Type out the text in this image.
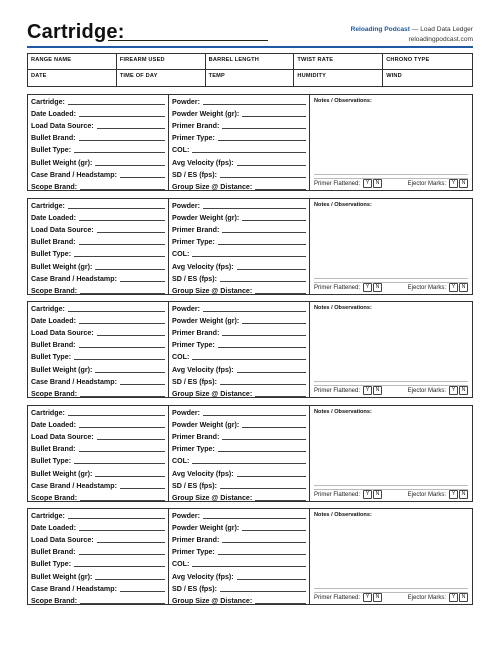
Cartridge:	Reloading Podcast — Load Data Ledger
reloadingpodcast.com
RANGE NAME	FIREARM USED	BARREL LENGTH	TWIST RATE	CHRONO TYPE
DATE	TIME OF DAY	TEMP	HUMIDITY	WIND
Cartridge:
Date Loaded:
Load Data Source:
Bullet Brand:
Bullet Type:
Bullet Weight (gr):
Case Brand / Headstamp:
Scope Brand:
Powder:
Powder Weight (gr):
Primer Brand:
Primer Type:
COL:
Avg Velocity (fps):
SD / ES (fps):
Group Size @ Distance:
Notes / Observations:
Primer Flattened:	Y	N	Ejector Marks:	Y	N
Cartridge:
Date Loaded:
Load Data Source:
Bullet Brand:
Bullet Type:
Bullet Weight (gr):
Case Brand / Headstamp:
Scope Brand:
Powder:
Powder Weight (gr):
Primer Brand:
Primer Type:
COL:
Avg Velocity (fps):
SD / ES (fps):
Group Size @ Distance:
Notes / Observations:
Primer Flattened:	Y	N	Ejector Marks:	Y	N
Cartridge:
Date Loaded:
Load Data Source:
Bullet Brand:
Bullet Type:
Bullet Weight (gr):
Case Brand / Headstamp:
Scope Brand:
Powder:
Powder Weight (gr):
Primer Brand:
Primer Type:
COL:
Avg Velocity (fps):
SD / ES (fps):
Group Size @ Distance:
Notes / Observations:
Primer Flattened:	Y	N	Ejector Marks:	Y	N
Cartridge:
Date Loaded:
Load Data Source:
Bullet Brand:
Bullet Type:
Bullet Weight (gr):
Case Brand / Headstamp:
Scope Brand:
Powder:
Powder Weight (gr):
Primer Brand:
Primer Type:
COL:
Avg Velocity (fps):
SD / ES (fps):
Group Size @ Distance:
Notes / Observations:
Primer Flattened:	Y	N	Ejector Marks:	Y	N
Cartridge:
Date Loaded:
Load Data Source:
Bullet Brand:
Bullet Type:
Bullet Weight (gr):
Case Brand / Headstamp:
Scope Brand:
Powder:
Powder Weight (gr):
Primer Brand:
Primer Type:
COL:
Avg Velocity (fps):
SD / ES (fps):
Group Size @ Distance:
Notes / Observations:
Primer Flattened:	Y	N	Ejector Marks:	Y	N
